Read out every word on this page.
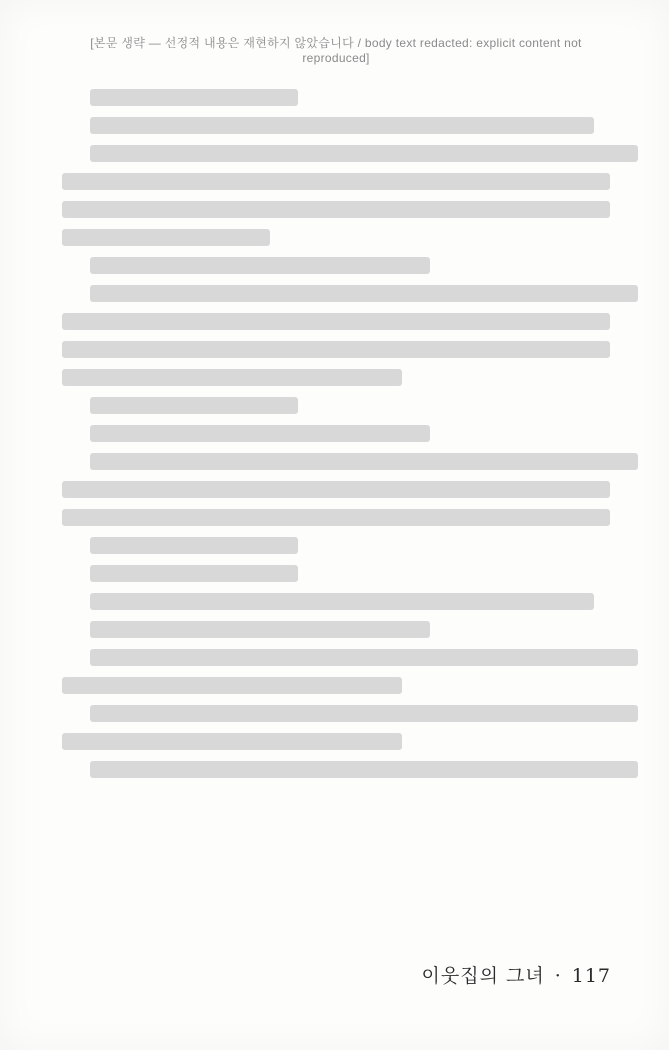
[본문 생략 — 선정적 내용은 재현하지 않았습니다 / body text redacted: explicit content not reproduced]
이웃집의 그녀 · 117
